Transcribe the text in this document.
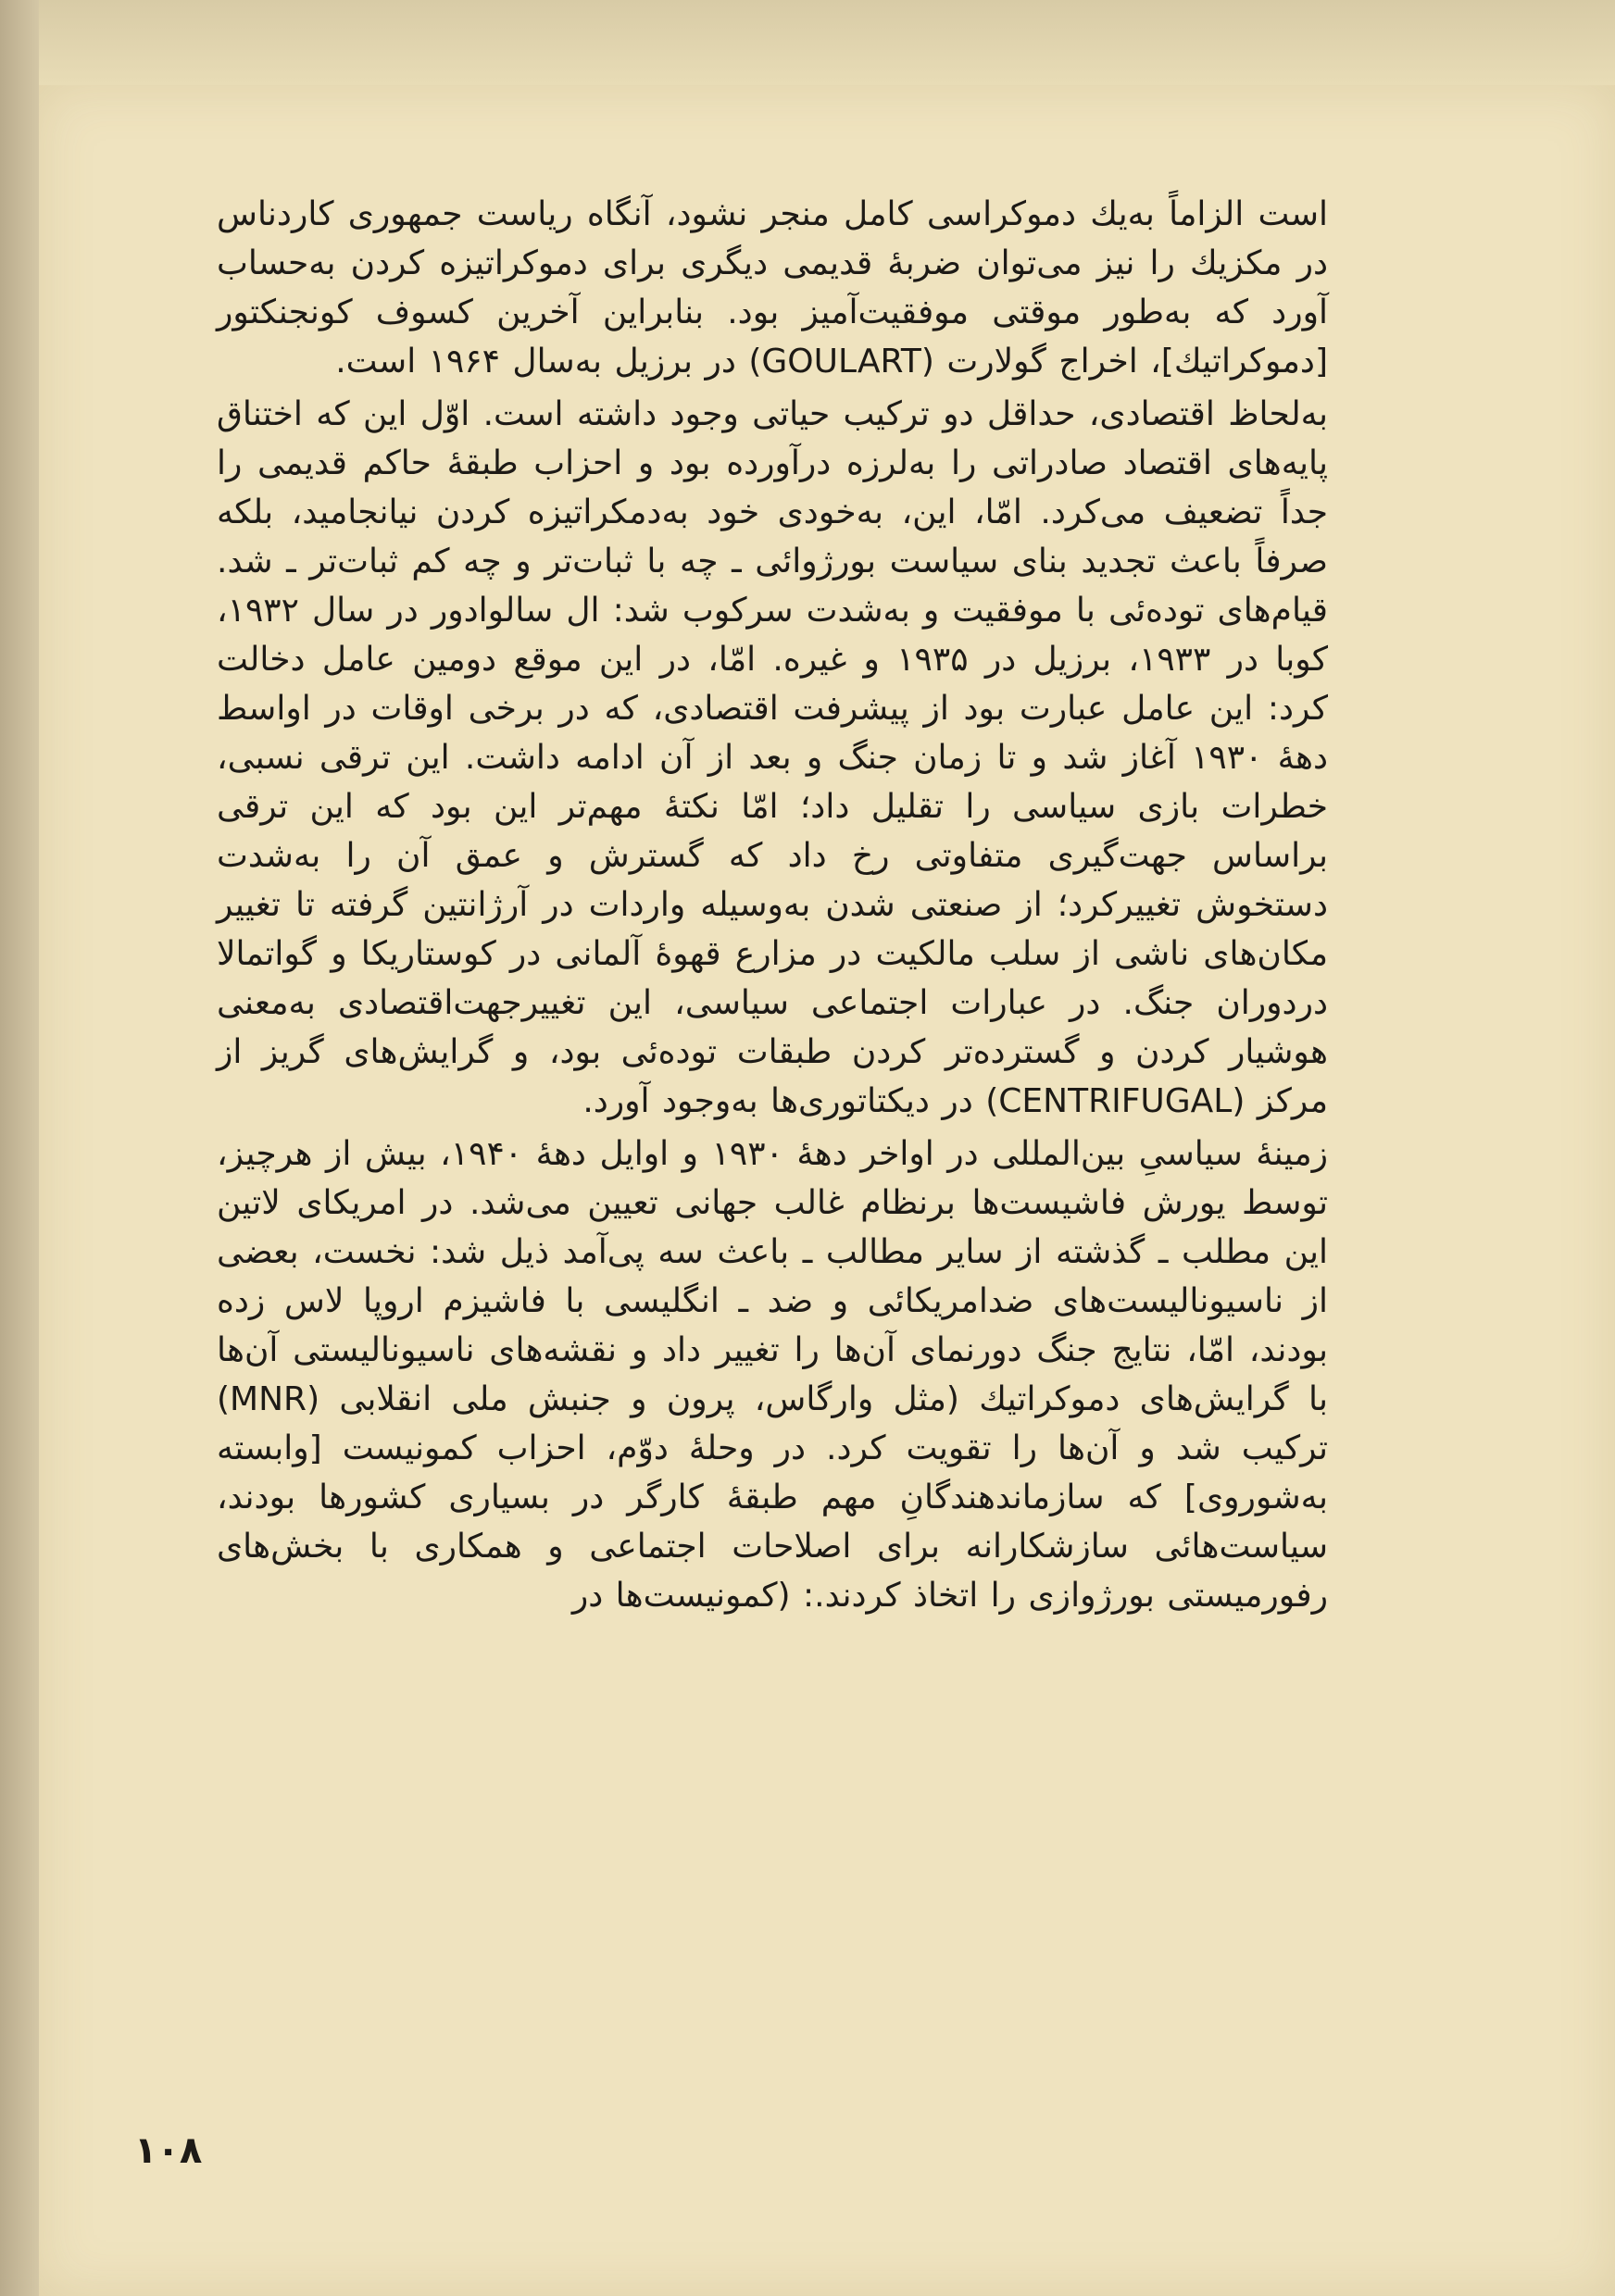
است الزاماً به‌یك دموكراسی كامل منجر نشود، آنگاه ریاست جمهوری كاردناس در مكزیك را نیز می‌توان ضربهٔ قدیمی دیگری برای دموكراتیزه كردن به‌حساب آورد كه به‌طور موقتی موفقیت‌آمیز بود. بنابراین آخرین كسوف كونجنكتور [دموكراتیك]، اخراج گولارت (GOULART) در برزیل به‌سال ۱۹۶۴ است.

به‌لحاظ اقتصادی، حداقل دو تركیب حیاتی وجود داشته است. اوّل این كه اختناق پایه‌های اقتصاد صادراتی را به‌لرزه درآورده بود و احزاب طبقهٔ حاكم قدیمی را جداً تضعیف می‌كرد. امّا، این، به‌خودی خود به‌دمكراتیزه كردن نیانجامید، بلكه صرفاً باعث تجدید بنای سیاست بورژوائی ـ چه با ثبات‌تر و چه كم ثبات‌تر ـ شد. قیام‌های توده‌ئی با موفقیت و به‌شدت سركوب شد: ال سالوادور در سال ۱۹۳۲، كوبا در ۱۹۳۳، برزیل در ۱۹۳۵ و غیره. امّا، در این موقع دومین عامل دخالت كرد: این عامل عبارت بود از پیشرفت اقتصادی، كه در برخی اوقات در اواسط دههٔ ۱۹۳۰ آغاز شد و تا زمان جنگ و بعد از آن ادامه داشت. این ترقی نسبی، خطرات بازی سیاسی را تقلیل داد؛ امّا نكتهٔ مهم‌تر این بود كه این ترقی براساس جهت‌گیری متفاوتی رخ داد كه گسترش و عمق آن را به‌شدت دستخوش تغییركرد؛ از صنعتی شدن به‌وسیله واردات در آرژانتین گرفته تا تغییر مكان‌های ناشی از سلب مالكیت در مزارع قهوهٔ آلمانی در كوستاریكا و گواتمالا دردوران جنگ. در عبارات اجتماعی سیاسی، این تغییرجهت‌اقتصادی به‌معنی هوشیار كردن و گسترده‌تر كردن طبقات توده‌ئی بود، و گرایش‌های گریز از مركز (CENTRIFUGAL) در دیكتاتوری‌ها به‌وجود آورد.

زمینهٔ سیاسیِ بین‌المللی در اواخر دههٔ ۱۹۳۰ و اوایل دههٔ ۱۹۴۰، بیش از هرچیز، توسط یورش فاشیست‌ها برنظام غالب جهانی تعیین می‌شد. در امریكای لاتین این مطلب ـ گذشته از سایر مطالب ـ باعث سه پی‌آمد ذیل شد: نخست، بعضی از ناسیونالیست‌های ضدامریكائی و ضد ـ انگلیسی با فاشیزم اروپا لاس زده بودند، امّا، نتایج جنگ دورنمای آن‌ها را تغییر داد و نقشه‌های ناسیونالیستی آن‌ها با گرایش‌های دموكراتیك (مثل وارگاس، پرون و جنبش ملی انقلابی (MNR) تركیب شد و آن‌ها را تقویت كرد. در وحلهٔ دوّم، احزاب كمونیست [وابسته به‌شوروی] كه سازماندهندگانِ مهم طبقهٔ كارگر در بسیاری كشورها بودند، سیاست‌هائی سازشكارانه برای اصلاحات اجتماعی و همكاری با بخش‌های رفورمیستی بورژوازی را اتخاذ كردند.: (كمونیست‌ها در

۱۰۸
